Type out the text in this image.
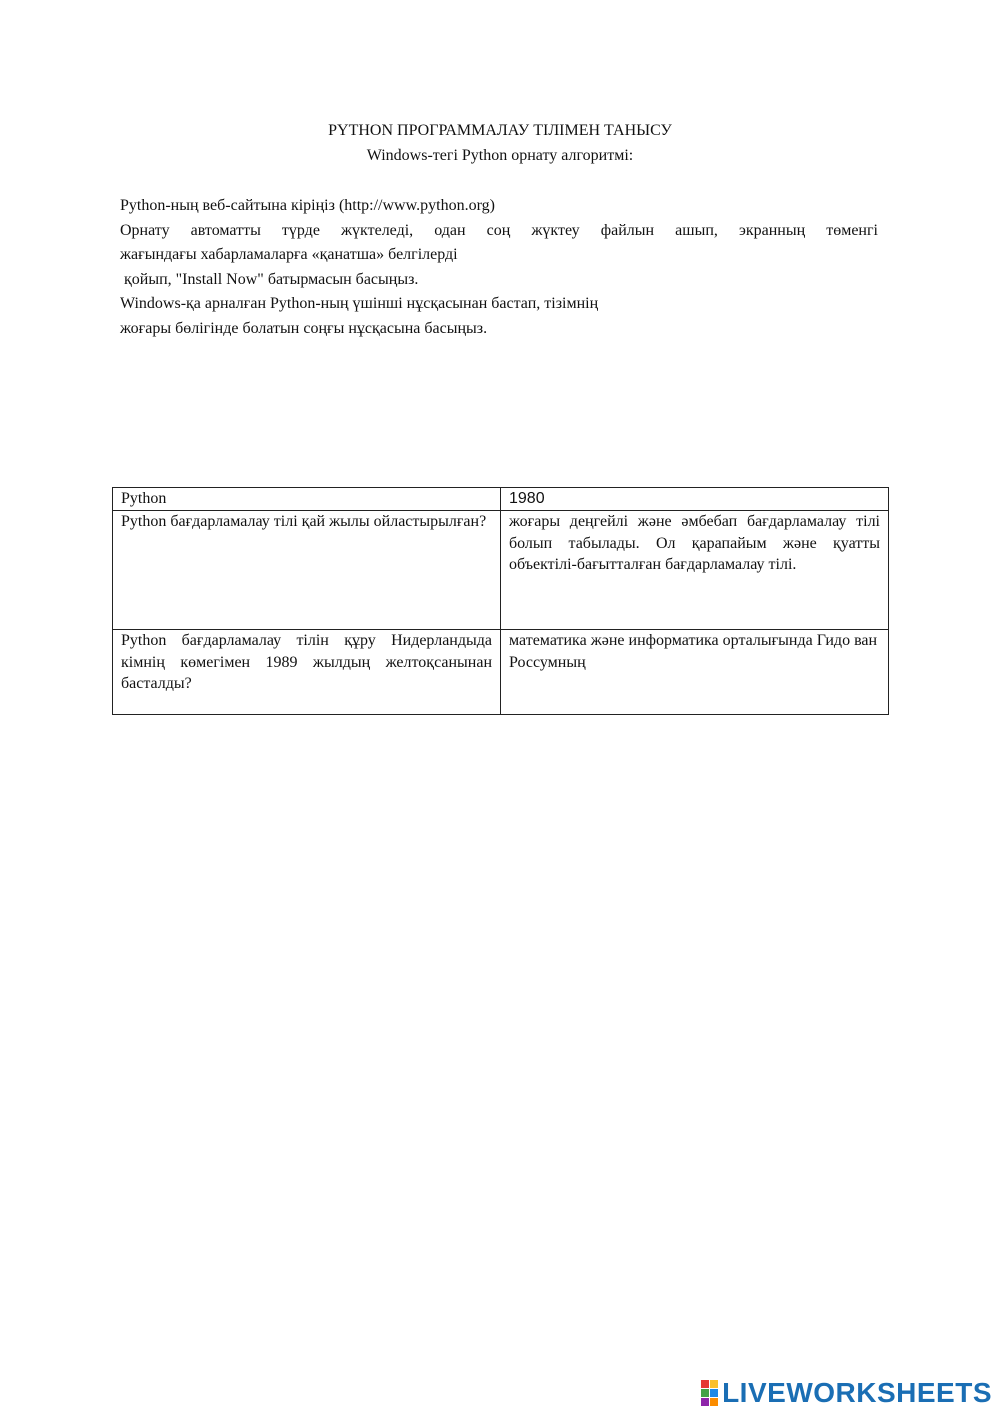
PYTHON ПРОГРАММАЛАУ ТІЛІМЕН ТАНЫСУ
Windows-тегі Python орнату алгоритмі:

Python-ның веб-сайтына кіріңіз (http://www.python.org)

Орнату автоматты түрде жүктеледі, одан соң жүктеу файлын ашып, экранның төменгі

жағындағы хабарламаларға «қанатша» белгілерді

қойып, "Install Now" батырмасын басыңыз.

Windows-қа арналған Python-ның үшінші нұсқасынан бастап, тізімнің

жоғары бөлігінде болатын соңғы нұсқасына басыңыз.

Python	1980
Python бағдарламалау тілі қай жылы ойластырылған?	жоғары деңгейлі және әмбебап бағдарламалау тілі болып табылады. Ол қарапайым және қуатты объектілі-бағытталған бағдарламалау тілі.
Python бағдарламалау тілін құру Нидерландыда кімнің көмегімен 1989 жылдың желтоқсанынан басталды?	математика және информатика орталығында Гидо ван Россумның
LIVEWORKSHEETS
